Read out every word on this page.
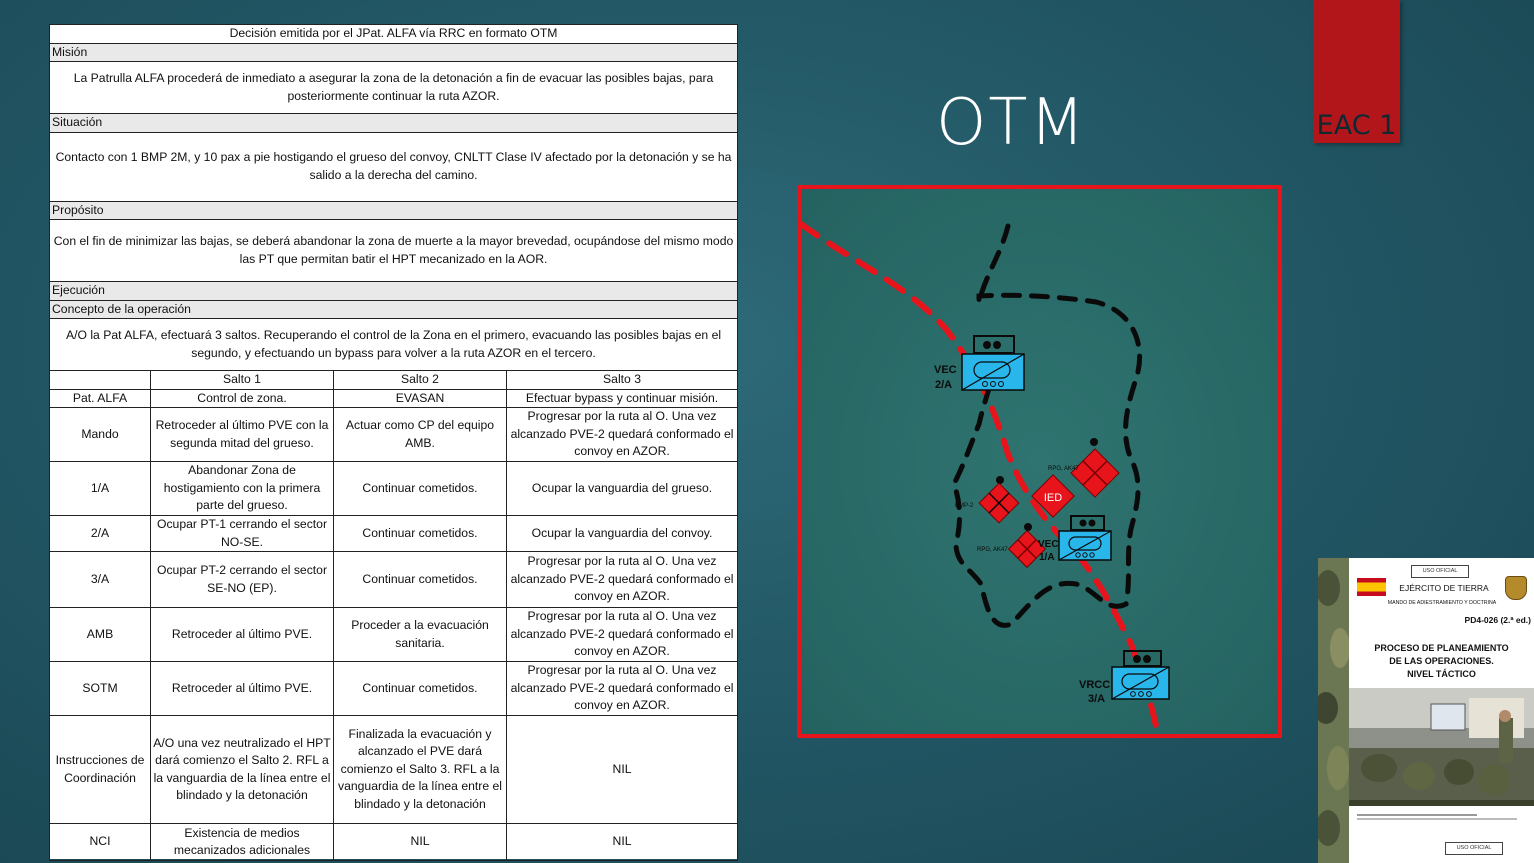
Decisión emitida por el JPat. ALFA vía RRC en formato OTM			
Misión			
La Patrulla ALFA procederá de inmediato a asegurar la zona de la detonación a fin de evacuar las posibles bajas, para posteriormente continuar la ruta AZOR.			
Situación			
Contacto con 1 BMP 2M, y 10 pax a pie hostigando el grueso del convoy, CNLTT Clase IV afectado por la detonación y se ha salido a la derecha del camino.			
Propósito			
Con el fin de minimizar las bajas, se deberá abandonar la zona de muerte a la mayor brevedad, ocupándose del mismo modo las PT que permitan batir el HPT mecanizado en la AOR.			
Ejecución			
Concepto de la operación			
A/O la Pat ALFA, efectuará 3 saltos. Recuperando el control de la Zona en el primero, evacuando las posibles bajas en el segundo, y efectuando un bypass para volver a la ruta AZOR en el tercero.			
	Salto 1	Salto 2	Salto 3
Pat. ALFA	Control de zona.	EVASAN	Efectuar bypass y continuar misión.
Mando	Retroceder al último PVE con la segunda mitad del grueso.	Actuar como CP del equipo AMB.	Progresar por la ruta al O. Una vez alcanzado PVE-2 quedará conformado el convoy en AZOR.
1/A	Abandonar Zona de hostigamiento con la primera parte del grueso.	Continuar cometidos.	Ocupar la vanguardia del grueso.
2/A	Ocupar PT-1 cerrando el sector NO-SE.	Continuar cometidos.	Ocupar la vanguardia del convoy.
3/A	Ocupar PT-2 cerrando el sector SE-NO (EP).	Continuar cometidos.	Progresar por la ruta al O. Una vez alcanzado PVE-2 quedará conformado el convoy en AZOR.
AMB	Retroceder al último PVE.	Proceder a la evacuación sanitaria.	Progresar por la ruta al O. Una vez alcanzado PVE-2 quedará conformado el convoy en AZOR.
SOTM	Retroceder al último PVE.	Continuar cometidos.	Progresar por la ruta al O. Una vez alcanzado PVE-2 quedará conformado el convoy en AZOR.
Instrucciones de Coordinación	A/O una vez neutralizado el HPT dará comienzo el Salto 2. RFL a la vanguardia de la línea entre el blindado y la detonación	Finalizada la evacuación y alcanzado el PVE dará comienzo el Salto 3. RFL a la vanguardia de la línea entre el blindado y la detonación	NIL
NCI	Existencia de medios mecanizados adicionales	NIL	NIL
OTM	EAC 1
RPG, AK47
IED
BMP-2
RPG, AK47
VEC
2/A
VEC
1/A
VRCC
3/A
USO OFICIAL
EJÉRCITO DE TIERRA
MANDO DE ADIESTRAMIENTO Y DOCTRINA
PD4-026 (2.ª ed.)
PROCESO DE PLANEAMIENTO
DE LAS OPERACIONES.
NIVEL TÁCTICO
USO OFICIAL
